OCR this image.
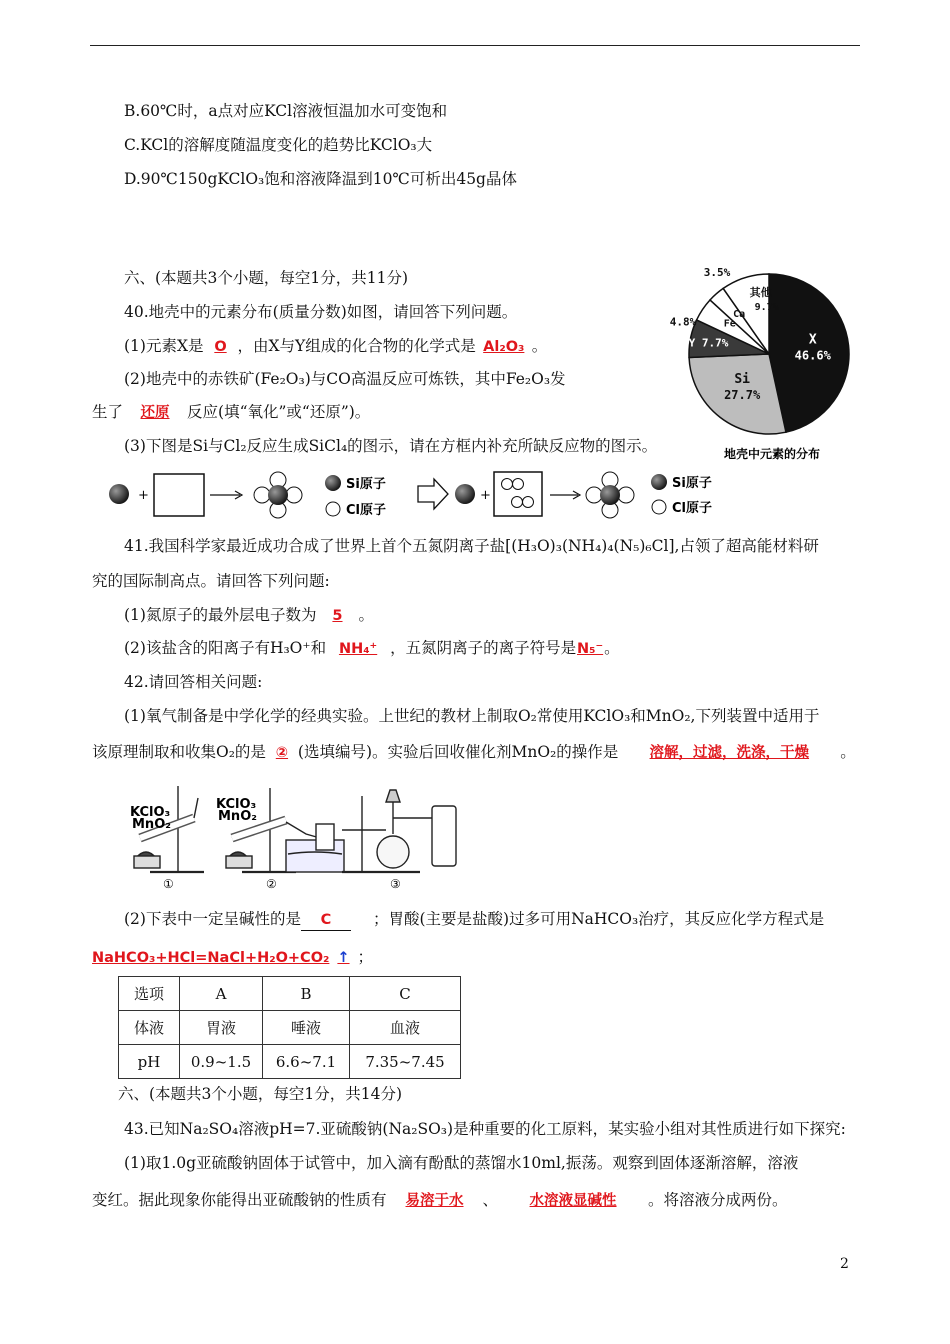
B.60℃时，a点对应KCl溶液恒温加水可变饱和
C.KCl的溶解度随温度变化的趋势比KClO₃大
D.90℃150gKClO₃饱和溶液降温到10℃可析出45g晶体
六、(本题共3个小题，每空1分，共11分)
40.地壳中的元素分布(质量分数)如图，请回答下列问题。
(1)元素X是 O ，由X与Y组成的化合物的化学式是 Al₂O₃ 。
(2)地壳中的赤铁矿(Fe₂O₃)与CO高温反应可炼铁，其中Fe₂O₃发
生了 还原 反应(填“氧化”或“还原”)。
(3)下图是Si与Cl₂反应生成SiCl₄的图示，请在方框内补充所缺反应物的图示。
X
46.6%
Si
27.7%
Y 7.7%
Fe
4.8%
Ca
3.5%
其他
9.7%
地壳中元素的分布
+
Si原子
Cl原子
+
Si原子
Cl原子
41.我国科学家最近成功合成了世界上首个五氮阴离子盐[(H₃O)₃(NH₄)₄(N₅)₆Cl],占领了超高能材料研
究的国际制高点。请回答下列问题:
(1)氮原子的最外层电子数为 5 。
(2)该盐含的阳离子有H₃O⁺和 NH₄⁺ ，五氮阴离子的离子符号是N₅⁻。
42.请回答相关问题:
(1)氧气制备是中学化学的经典实验。上世纪的教材上制取O₂常使用KClO₃和MnO₂,下列装置中适用于
该原理制取和收集O₂的是 ② (选填编号)。实验后回收催化剂MnO₂的操作是 溶解，过滤，洗涤，干燥 。
KClO₃
MnO₂
KClO₃
MnO₂
①	②	③
(2)下表中一定呈碱性的是 C	；胃酸(主要是盐酸)过多可用NaHCO₃治疗，其反应化学方程式是
NaHCO₃+HCl=NaCl+H₂O+CO₂ ↑ ；
选项	A	B	C
体液	胃液	唾液	血液
pH	0.9~1.5	6.6~7.1	7.35~7.45
六、(本题共3个小题，每空1分，共14分)
43.已知Na₂SO₄溶液pH=7.亚硫酸钠(Na₂SO₃)是种重要的化工原料，某实验小组对其性质进行如下探究:
(1)取1.0g亚硫酸钠固体于试管中，加入滴有酚酞的蒸馏水10ml,振荡。观察到固体逐渐溶解，溶液
变红。据此现象你能得出亚硫酸钠的性质有 易溶于水 、 水溶液显碱性 。将溶液分成两份。
2
